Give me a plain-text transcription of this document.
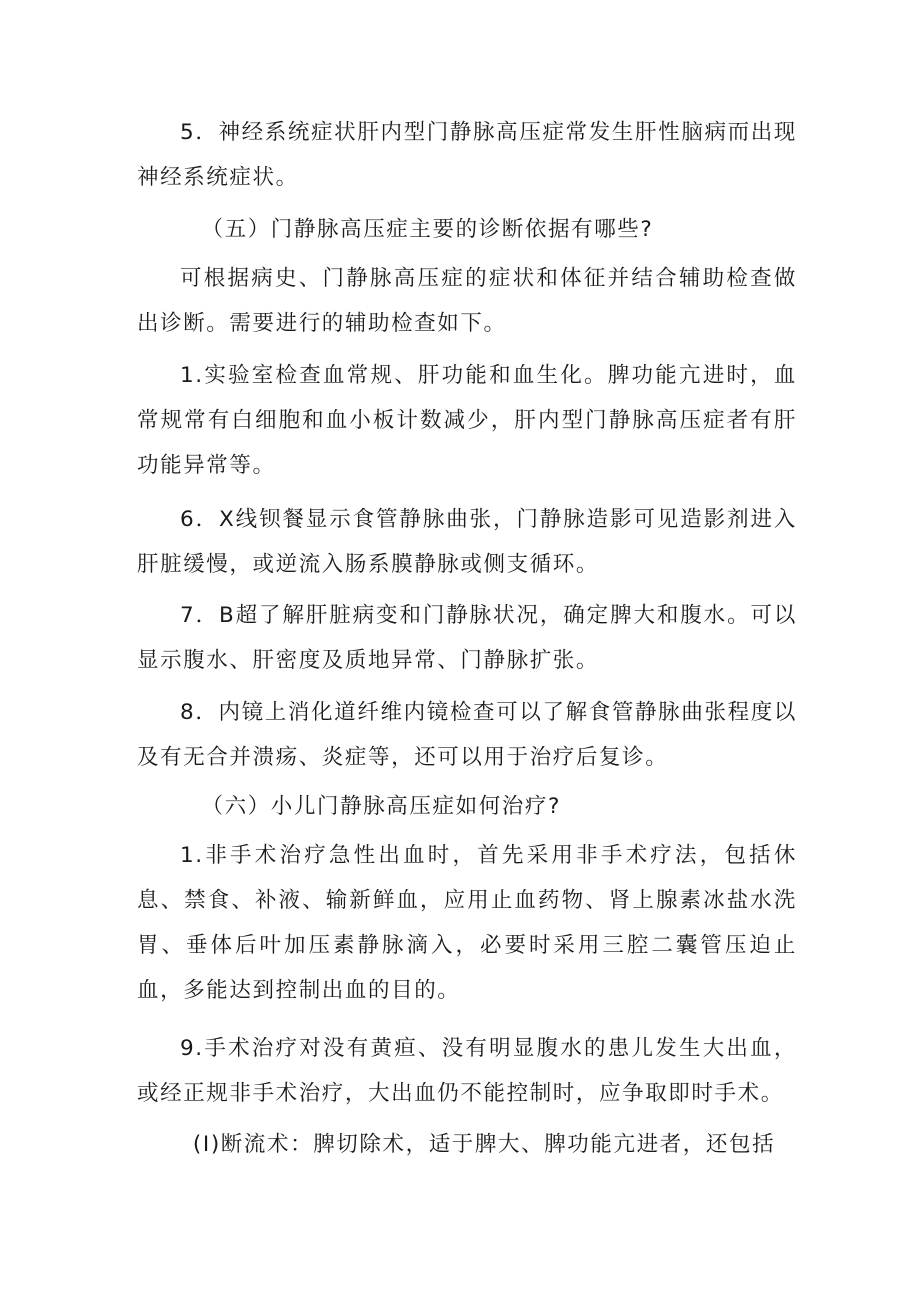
5．神经系统症状肝内型门静脉高压症常发生肝性脑病而出现神经系统症状。

（五）门静脉高压症主要的诊断依据有哪些?

可根据病史、门静脉高压症的症状和体征并结合辅助检查做出诊断。需要进行的辅助检查如下。

1.实验室检查血常规、肝功能和血生化。脾功能亢进时，血常规常有白细胞和血小板计数减少，肝内型门静脉高压症者有肝功能异常等。

6．X线钡餐显示食管静脉曲张，门静脉造影可见造影剂进入肝脏缓慢，或逆流入肠系膜静脉或侧支循环。

7．B超了解肝脏病变和门静脉状况，确定脾大和腹水。可以显示腹水、肝密度及质地异常、门静脉扩张。

8．内镜上消化道纤维内镜检查可以了解食管静脉曲张程度以及有无合并溃疡、炎症等，还可以用于治疗后复诊。

（六）小儿门静脉高压症如何治疗?

1.非手术治疗急性出血时，首先采用非手术疗法，包括休息、禁食、补液、输新鲜血，应用止血药物、肾上腺素冰盐水洗胃、垂体后叶加压素静脉滴入，必要时采用三腔二囊管压迫止血，多能达到控制出血的目的。

9.手术治疗对没有黄疸、没有明显腹水的患儿发生大出血，或经正规非手术治疗，大出血仍不能控制时，应争取即时手术。

(I)断流术：脾切除术，适于脾大、脾功能亢进者，还包括
